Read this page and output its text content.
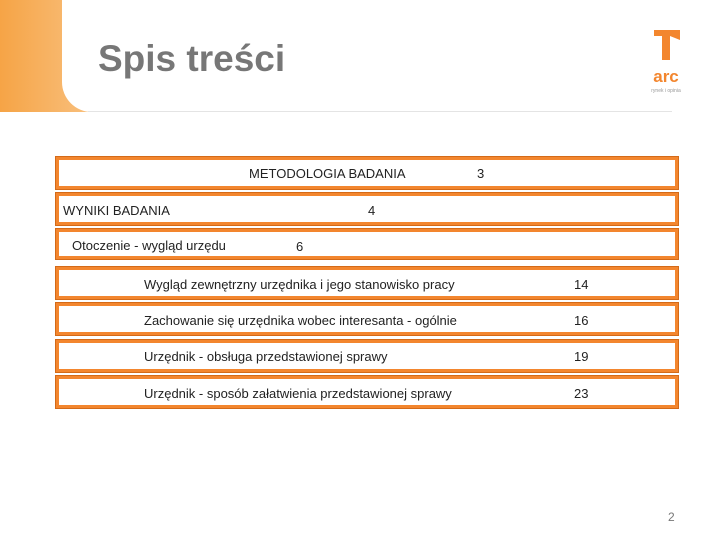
Spis treści	arc
rynek i opinia
METODOLOGIA BADANIA	3
WYNIKI BADANIA	4
Otoczenie - wygląd urzędu	6
Wygląd zewnętrzny urzędnika i jego stanowisko pracy	14
Zachowanie się urzędnika wobec interesanta - ogólnie	16
Urzędnik - obsługa przedstawionej sprawy	19
Urzędnik - sposób załatwienia przedstawionej sprawy	23
2
